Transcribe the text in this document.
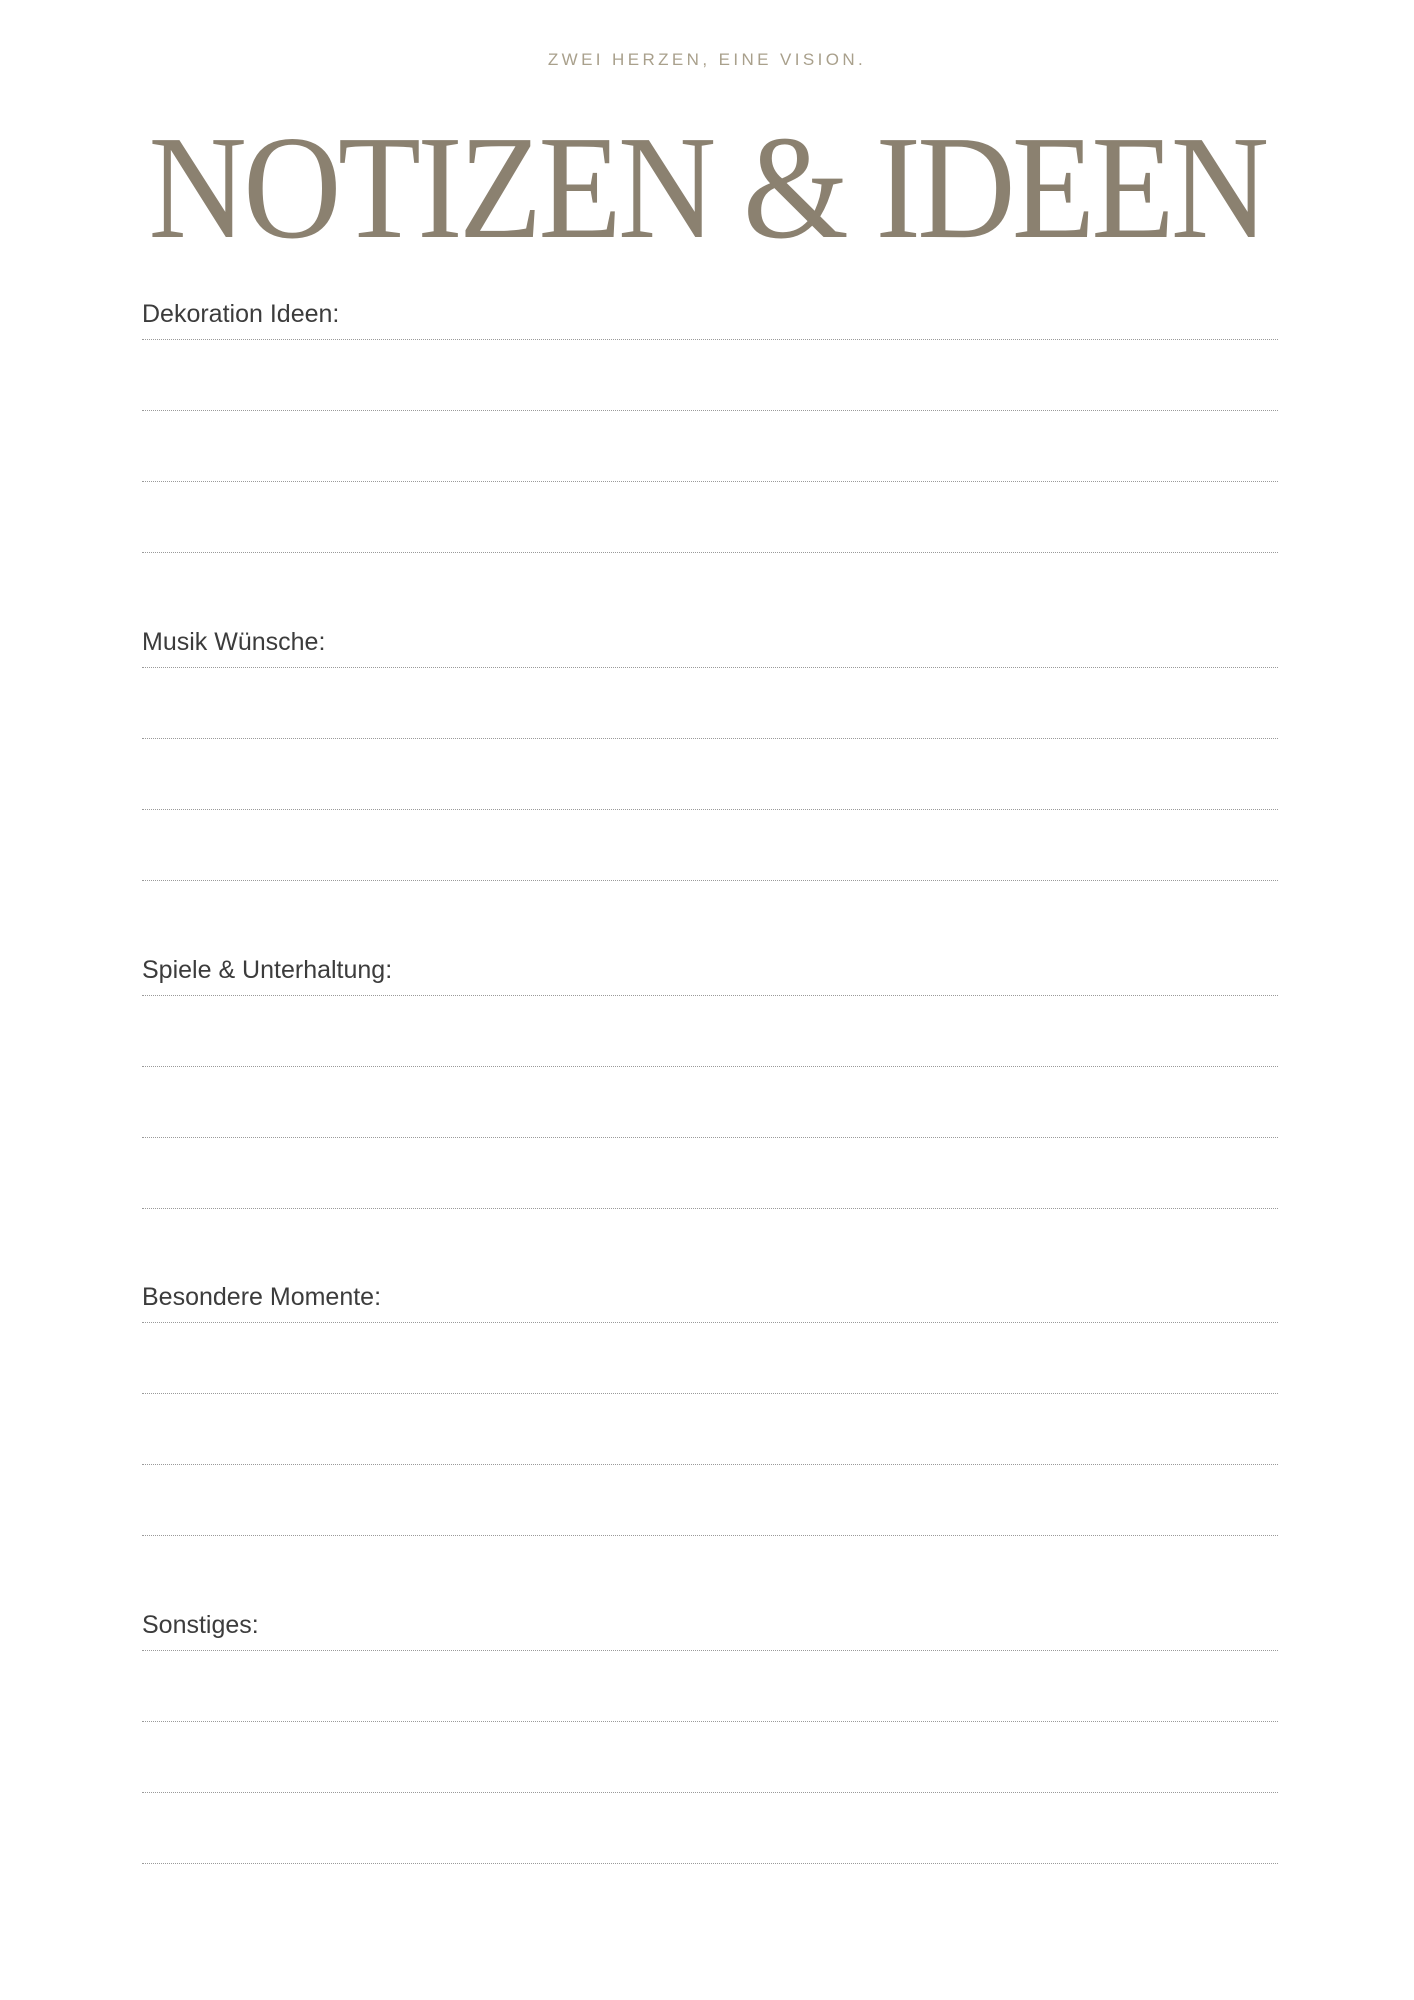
ZWEI HERZEN, EINE VISION.
NOTIZEN & IDEEN
Dekoration Ideen:
Musik Wünsche:
Spiele & Unterhaltung:
Besondere Momente:
Sonstiges:
